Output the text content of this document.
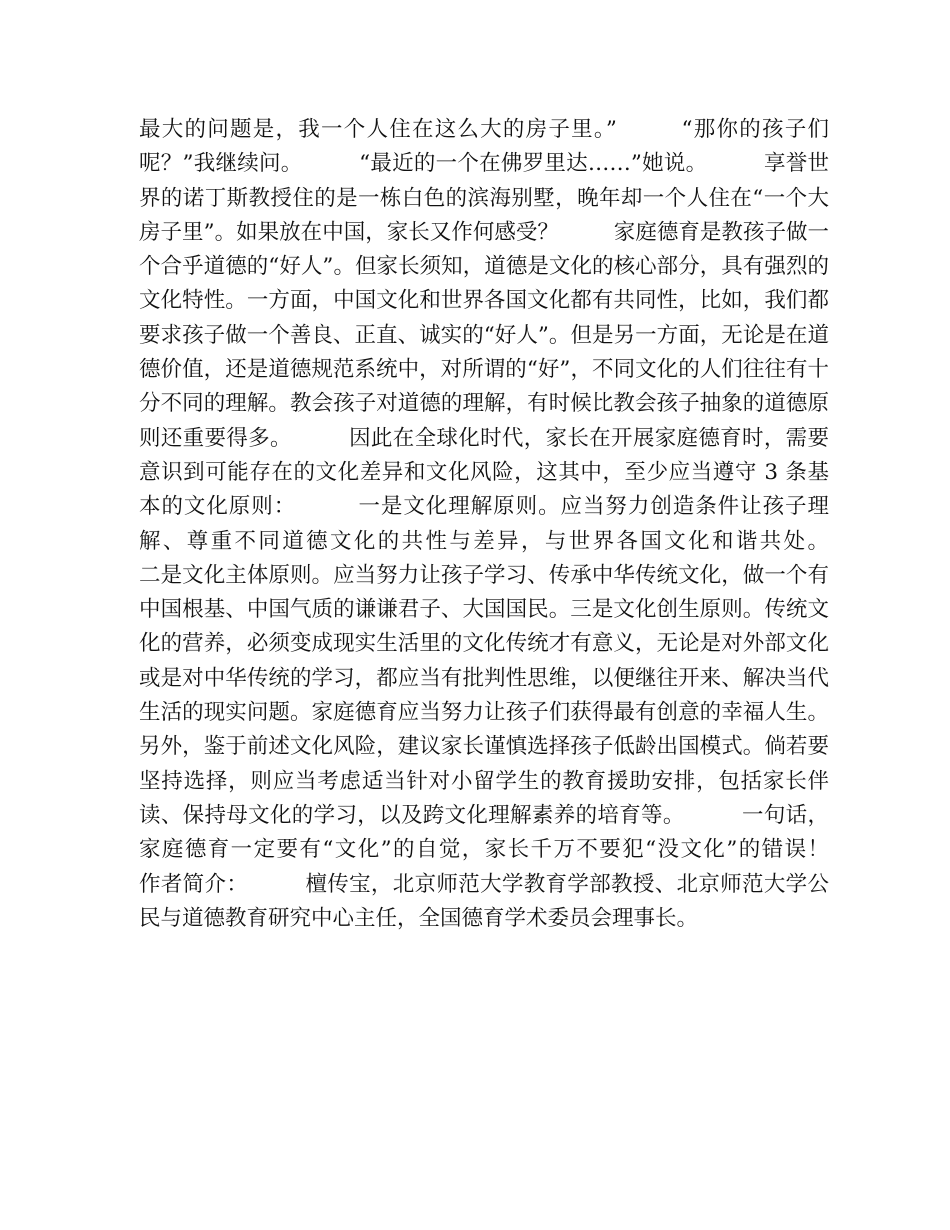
最大的问题是，我一个人住在这么大的房子里。”        “那你的孩子们呢？”我继续问。        “最近的一个在佛罗里达……”她说。        享誉世界的诺丁斯教授住的是一栋白色的滨海别墅，晚年却一个人住在“一个大房子里”。如果放在中国，家长又作何感受？        家庭德育是教孩子做一个合乎道德的“好人”。但家长须知，道德是文化的核心部分，具有强烈的文化特性。一方面，中国文化和世界各国文化都有共同性，比如，我们都要求孩子做一个善良、正直、诚实的“好人”。但是另一方面，无论是在道德价值，还是道德规范系统中，对所谓的“好”，不同文化的人们往往有十分不同的理解。教会孩子对道德的理解，有时候比教会孩子抽象的道德原则还重要得多。        因此在全球化时代，家长在开展家庭德育时，需要意识到可能存在的文化差异和文化风险，这其中，至少应当遵守 3 条基本的文化原则：        一是文化理解原则。应当努力创造条件让孩子理解、尊重不同道德文化的共性与差异，与世界各国文化和谐共处。        二是文化主体原则。应当努力让孩子学习、传承中华传统文化，做一个有中国根基、中国气质的谦谦君子、大国国民。三是文化创生原则。传统文化的营养，必须变成现实生活里的文化传统才有意义，无论是对外部文化或是对中华传统的学习，都应当有批判性思维，以便继往开来、解决当代生活的现实问题。家庭德育应当努力让孩子们获得最有创意的幸福人生。        另外，鉴于前述文化风险，建议家长谨慎选择孩子低龄出国模式。倘若要坚持选择，则应当考虑适当针对小留学生的教育援助安排，包括家长伴读、保持母文化的学习，以及跨文化理解素养的培育等。        一句话，家庭德育一定要有“文化”的自觉，家长千万不要犯“没文化”的错误！        作者简介：        檀传宝，北京师范大学教育学部教授、北京师范大学公民与道德教育研究中心主任，全国德育学术委员会理事长。
